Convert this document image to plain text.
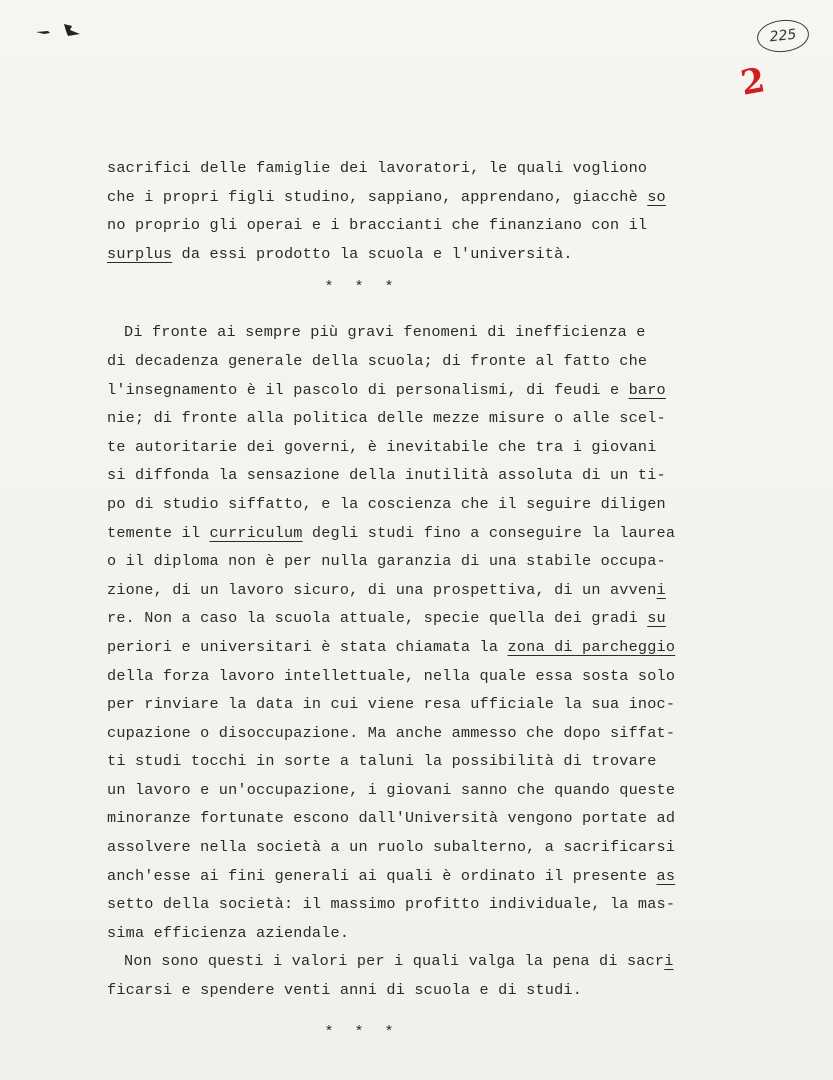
225
2

sacrifici delle famiglie dei lavoratori, le quali vogliono
che i propri figli studino, sappiano, apprendano, giacchè so
no proprio gli operai e i braccianti che finanziano con il
surplus da essi prodotto la scuola e l'università.
* * *
Di fronte ai sempre più gravi fenomeni di inefficienza e
di decadenza generale della scuola; di fronte al fatto che
l'insegnamento è il pascolo di personalismi, di feudi e baro
nie; di fronte alla politica delle mezze misure o alle scel-
te autoritarie dei governi, è inevitabile che tra i giovani
si diffonda la sensazione della inutilità assoluta di un ti-
po di studio siffatto, e la coscienza che il seguire diligen
temente il curriculum degli studi fino a conseguire la laurea
o il diploma non è per nulla garanzia di una stabile occupa-
zione, di un lavoro sicuro, di una prospettiva, di un avveni
re. Non a caso la scuola attuale, specie quella dei gradi su
periori e universitari è stata chiamata la zona di parcheggio
della forza lavoro intellettuale, nella quale essa sosta solo
per rinviare la data in cui viene resa ufficiale la sua inoc-
cupazione o disoccupazione. Ma anche ammesso che dopo siffat-
ti studi tocchi in sorte a taluni la possibilità di trovare
un lavoro e un'occupazione, i giovani sanno che quando queste
minoranze fortunate escono dall'Università vengono portate ad
assolvere nella società a un ruolo subalterno, a sacrificarsi
anch'esse ai fini generali ai quali è ordinato il presente as
setto della società: il massimo profitto individuale, la mas-
sima efficienza aziendale.
Non sono questi i valori per i quali valga la pena di sacri
ficarsi e spendere venti anni di scuola e di studi.
* * *
